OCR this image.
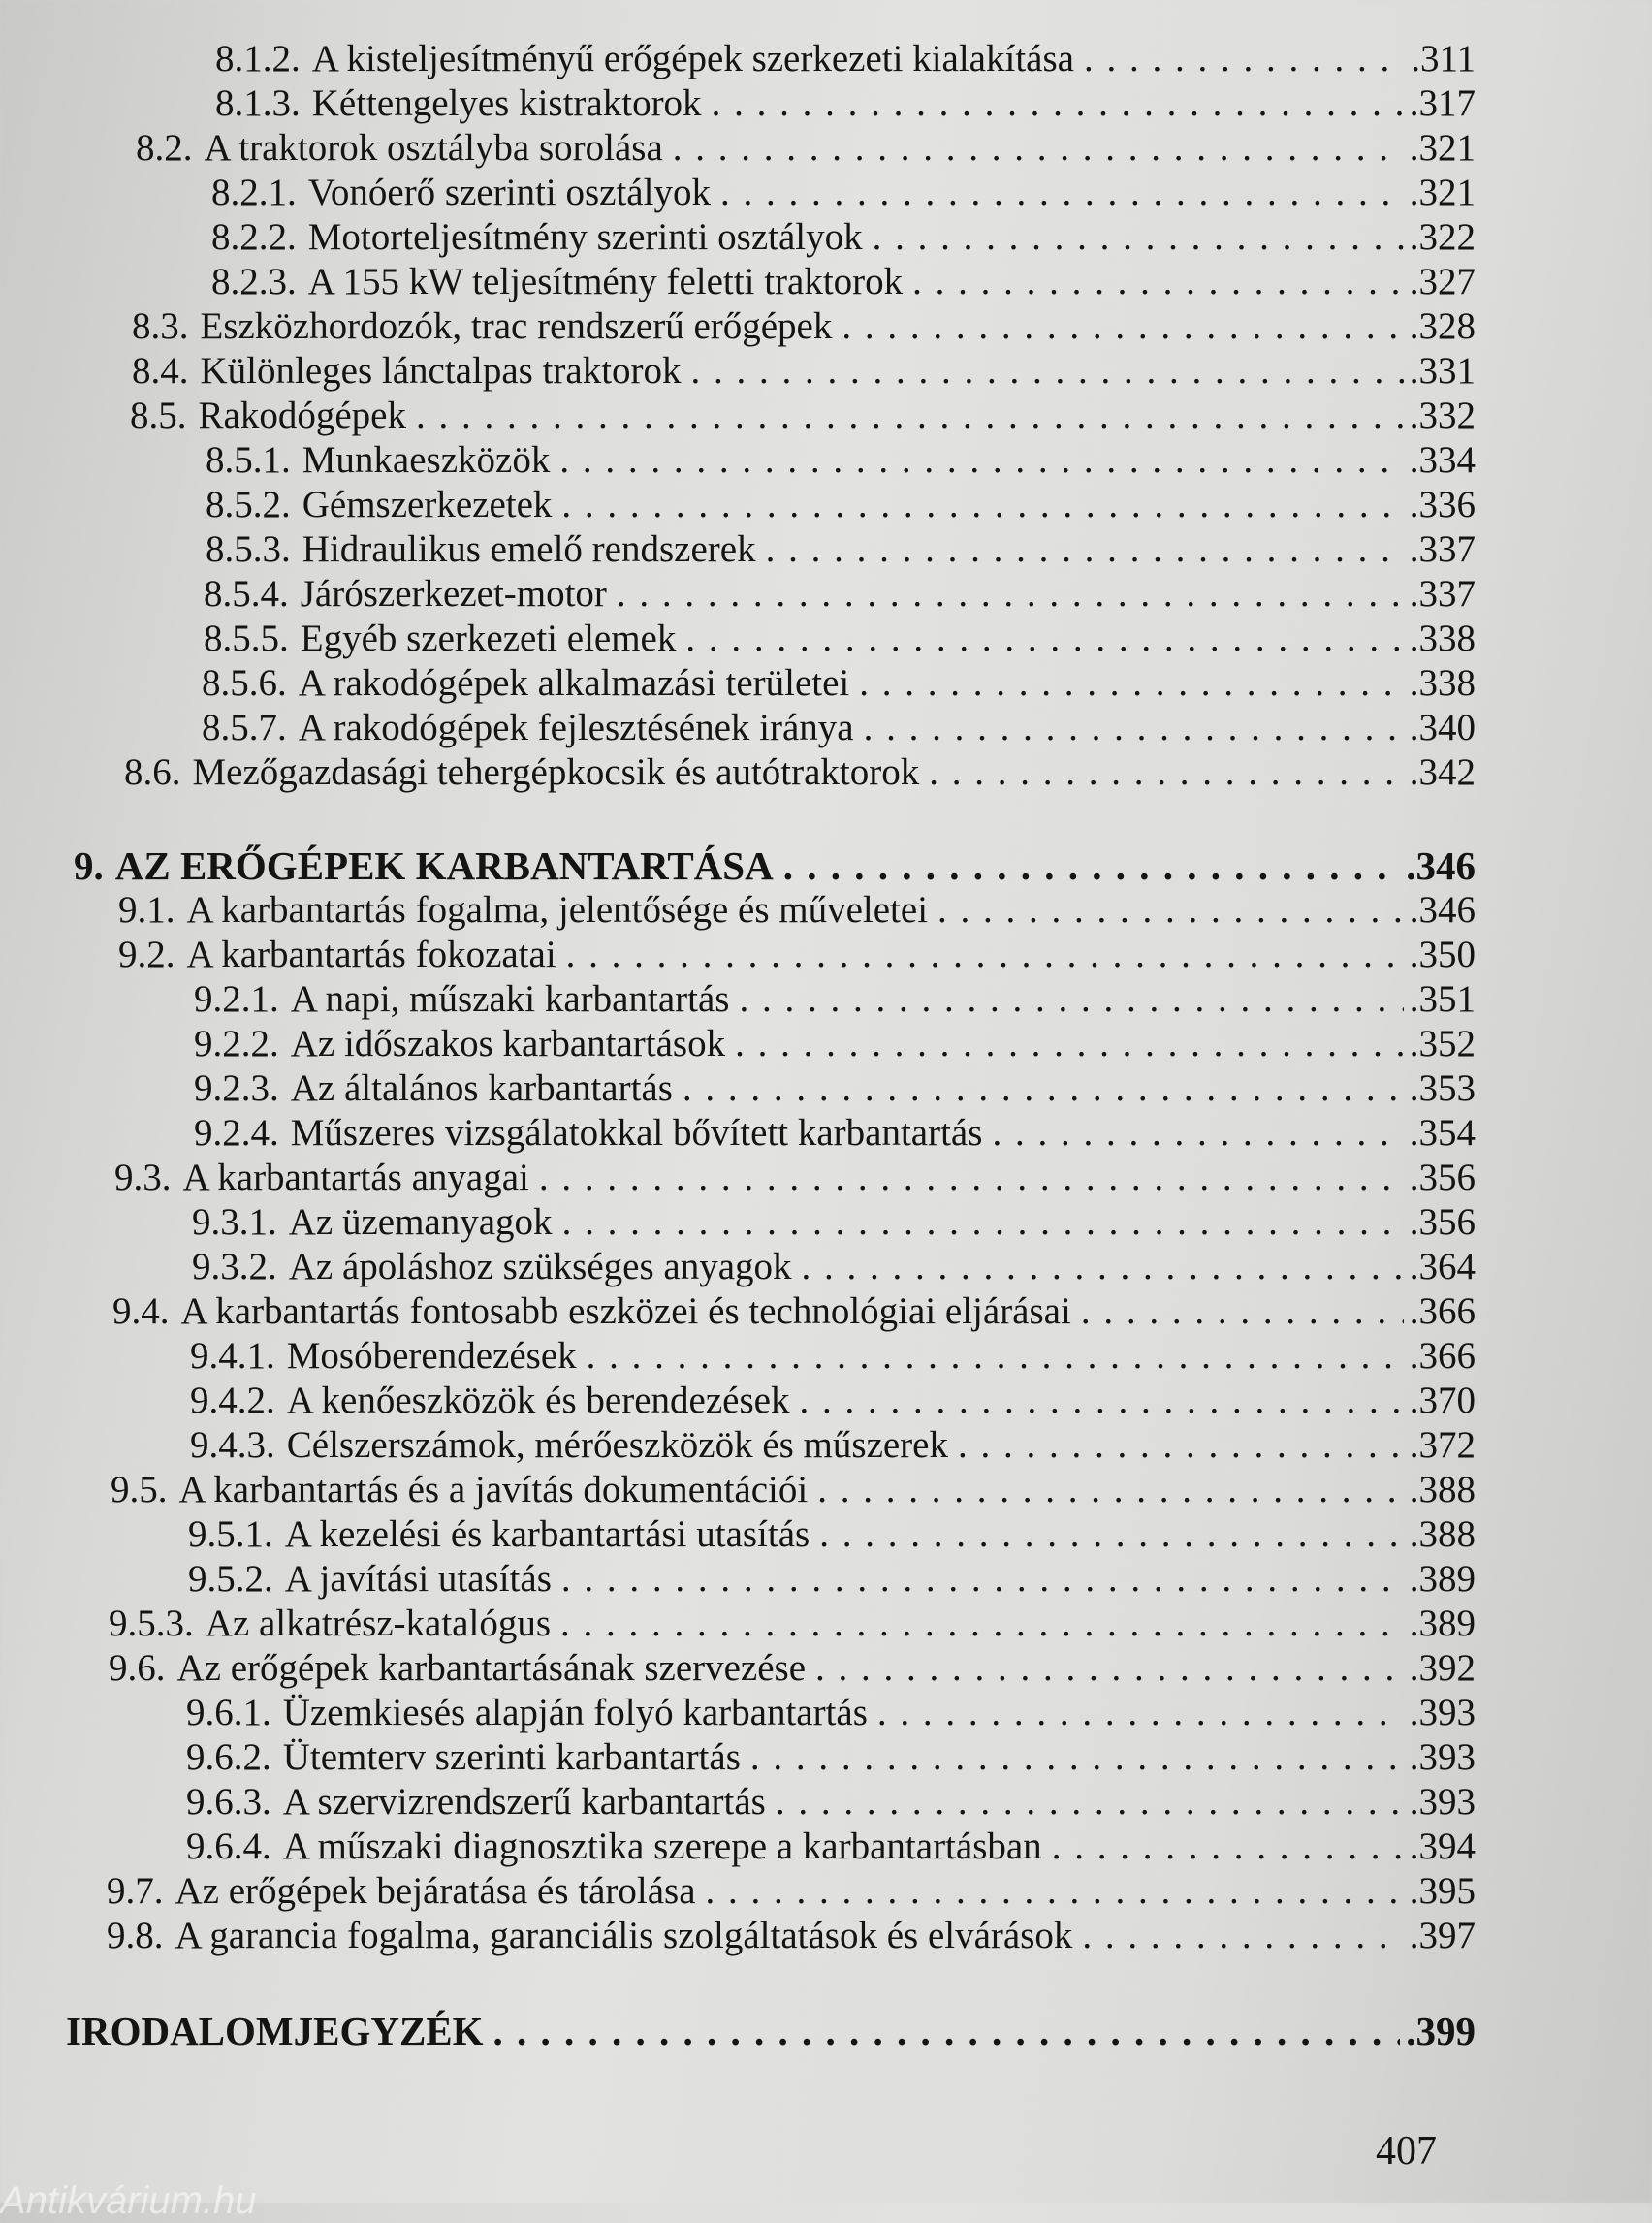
8.1.2. A kisteljesítményű erőgépek szerkezeti kialakítása . . .	.311
8.1.3. Kéttengelyes kistraktorok . . .	.317
8.2. A traktorok osztályba sorolása . . .	.321
8.2.1. Vonóerő szerinti osztályok . . .	.321
8.2.2. Motorteljesítmény szerinti osztályok . . .	.322
8.2.3. A 155 kW teljesítmény feletti traktorok . . .	.327
8.3. Eszközhordozók, trac rendszerű erőgépek . . .	.328
8.4. Különleges lánctalpas traktorok . . .	.331
8.5. Rakodógépek . . .	.332
8.5.1. Munkaeszközök . . .	.334
8.5.2. Gémszerkezetek . . .	.336
8.5.3. Hidraulikus emelő rendszerek . . .	.337
8.5.4. Járószerkezet-motor . . .	.337
8.5.5. Egyéb szerkezeti elemek . . .	.338
8.5.6. A rakodógépek alkalmazási területei . . .	.338
8.5.7. A rakodógépek fejlesztésének iránya . . .	.340
8.6. Mezőgazdasági tehergépkocsik és autótraktorok . . .	.342
9. AZ ERŐGÉPEK KARBANTARTÁSA . . .	.346
9.1. A karbantartás fogalma, jelentősége és műveletei . . .	.346
9.2. A karbantartás fokozatai . . .	.350
9.2.1. A napi, műszaki karbantartás . . .	.351
9.2.2. Az időszakos karbantartások . . .	.352
9.2.3. Az általános karbantartás . . .	.353
9.2.4. Műszeres vizsgálatokkal bővített karbantartás . . .	.354
9.3. A karbantartás anyagai . . .	.356
9.3.1. Az üzemanyagok . . .	.356
9.3.2. Az ápoláshoz szükséges anyagok . . .	.364
9.4. A karbantartás fontosabb eszközei és technológiai eljárásai . . .	.366
9.4.1. Mosóberendezések . . .	.366
9.4.2. A kenőeszközök és berendezések . . .	.370
9.4.3. Célszerszámok, mérőeszközök és műszerek . . .	.372
9.5. A karbantartás és a javítás dokumentációi . . .	.388
9.5.1. A kezelési és karbantartási utasítás . . .	.388
9.5.2. A javítási utasítás . . .	.389
9.5.3. Az alkatrész-katalógus . . .	.389
9.6. Az erőgépek karbantartásának szervezése . . .	.392
9.6.1. Üzemkiesés alapján folyó karbantartás . . .	.393
9.6.2. Ütemterv szerinti karbantartás . . .	.393
9.6.3. A szervizrendszerű karbantartás . . .	.393
9.6.4. A műszaki diagnosztika szerepe a karbantartásban . . .	.394
9.7. Az erőgépek bejáratása és tárolása . . .	.395
9.8. A garancia fogalma, garanciális szolgáltatások és elvárások . . .	.397
IRODALOMJEGYZÉK . . .	.399
407
Antikvárium.hu
